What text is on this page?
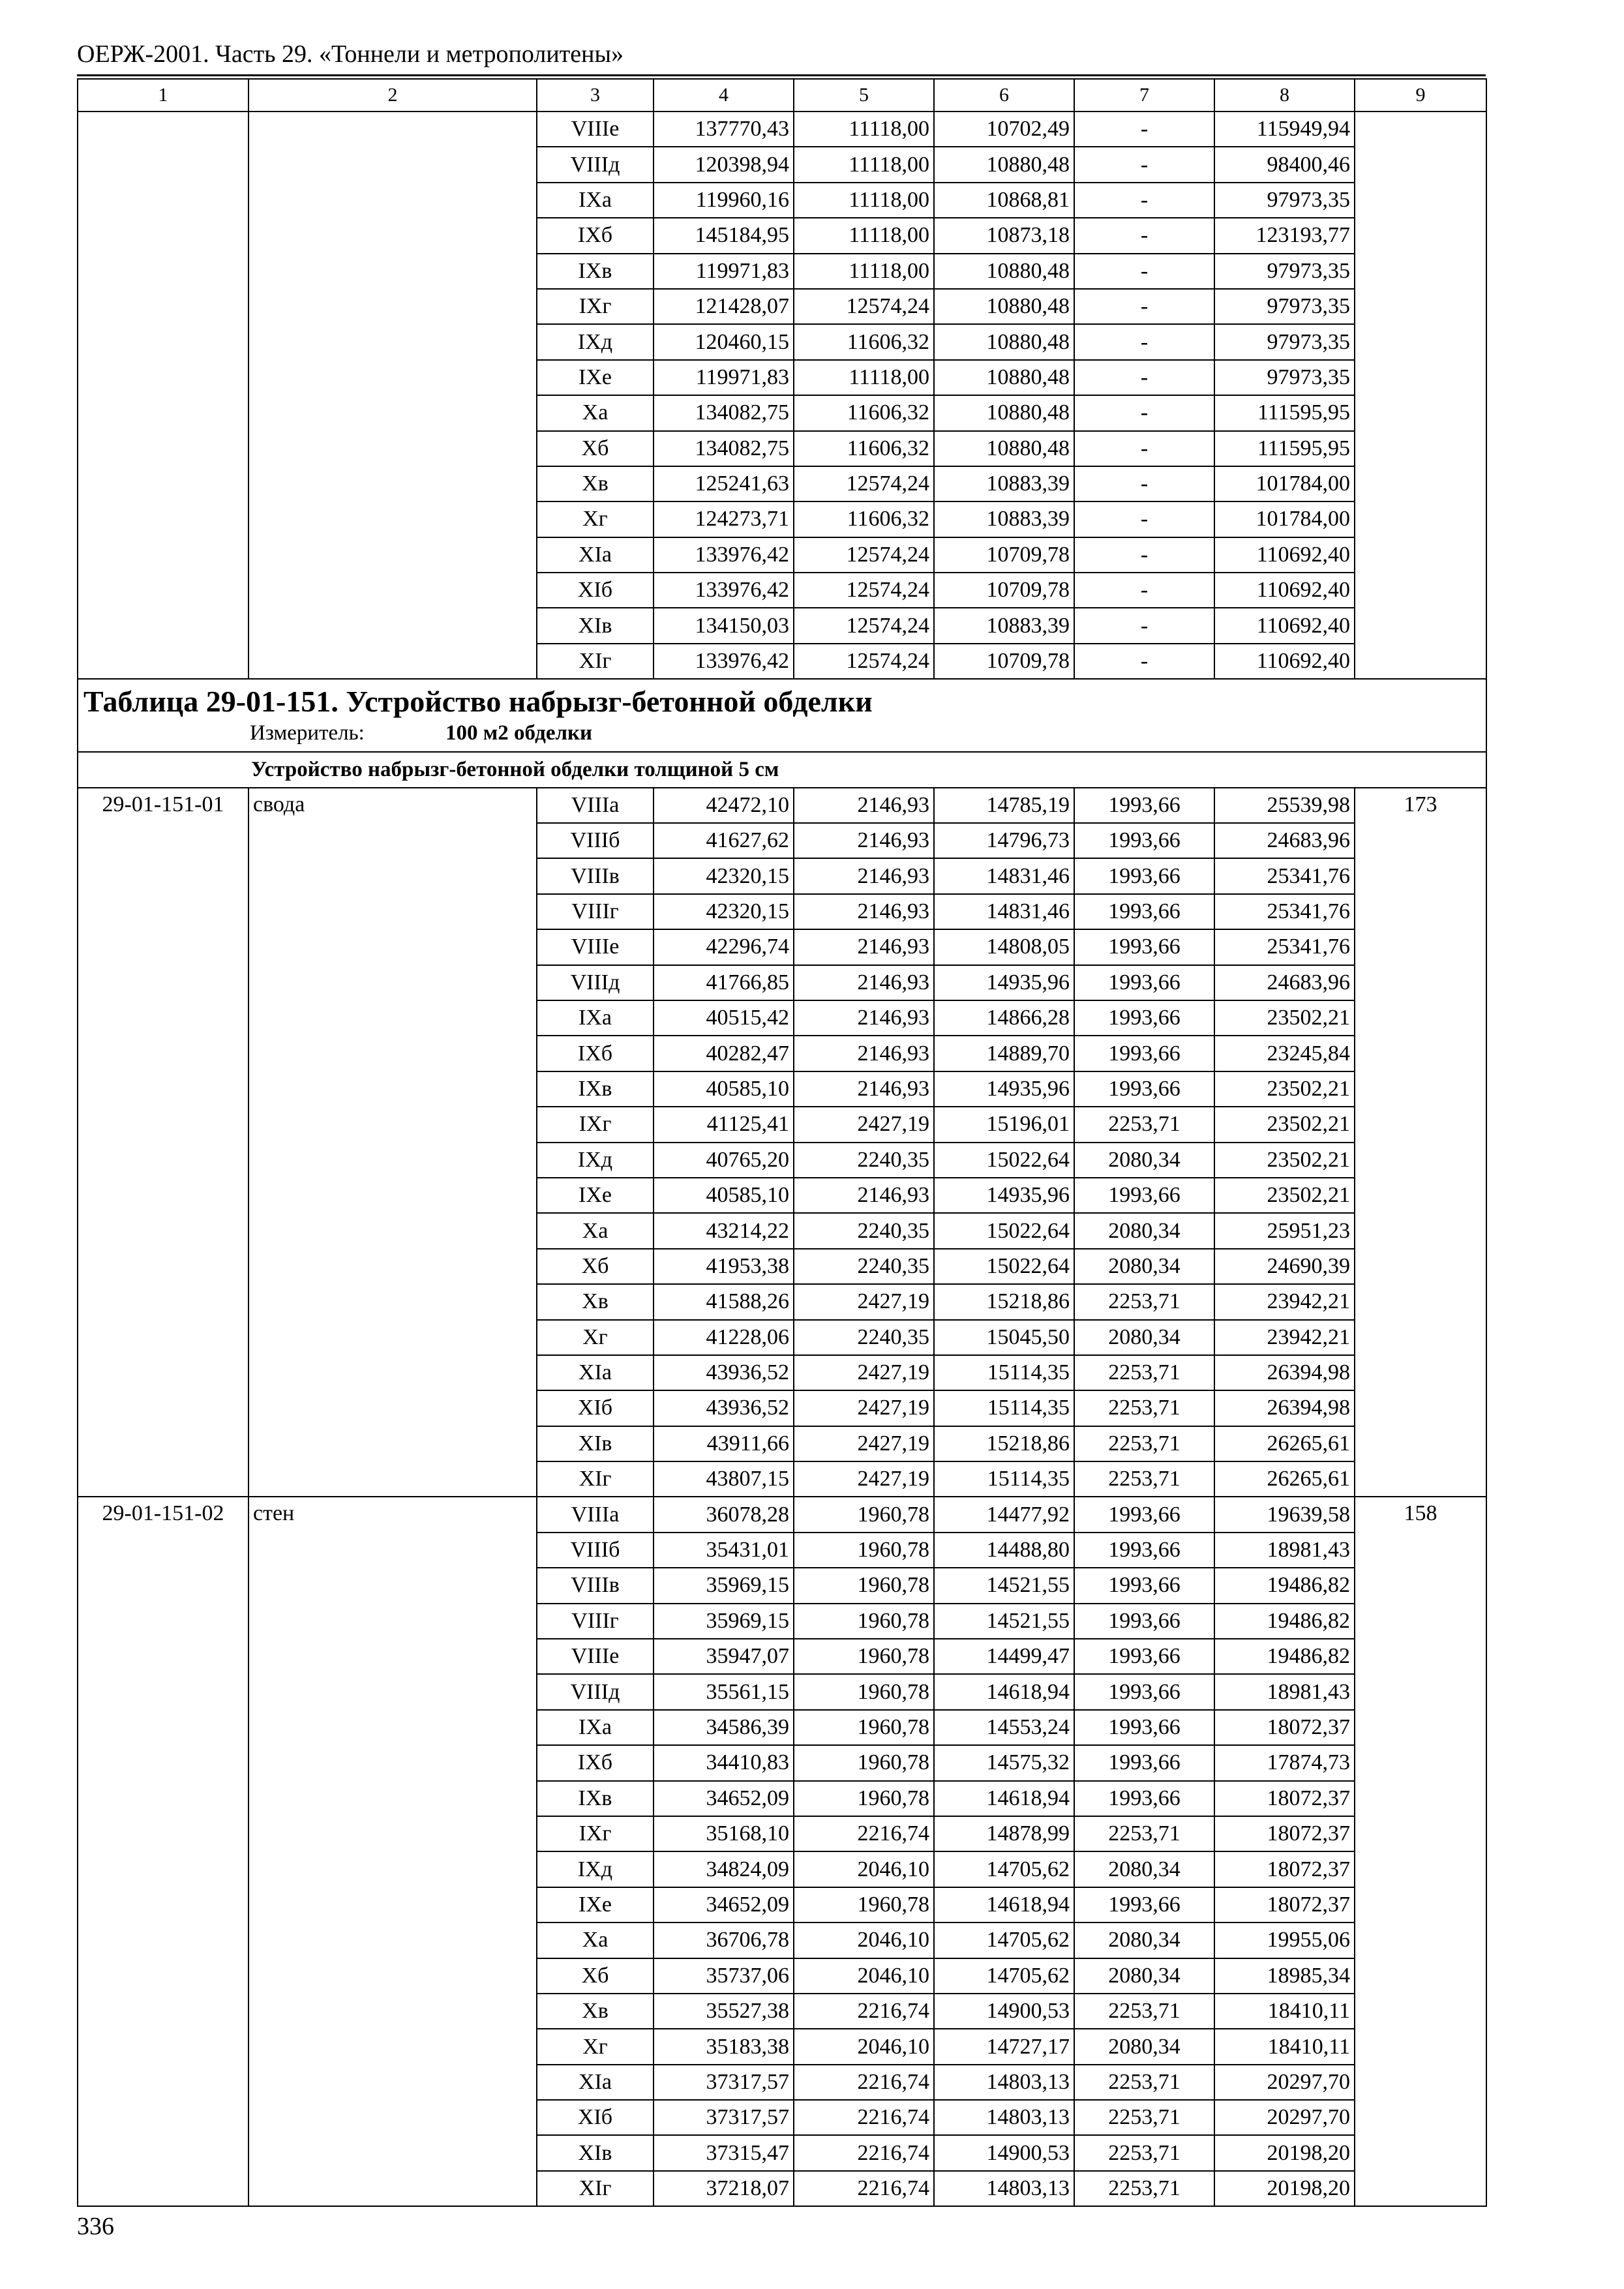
ОЕРЖ-2001. Часть 29. «Тоннели и метрополитены»
1	2	3	4	5	6	7	8	9
		VIIIе	137770,43	11118,00	10702,49	-	115949,94	
		VIIIд	120398,94	11118,00	10880,48	-	98400,46	
		IXа	119960,16	11118,00	10868,81	-	97973,35	
		IXб	145184,95	11118,00	10873,18	-	123193,77	
		IXв	119971,83	11118,00	10880,48	-	97973,35	
		IXг	121428,07	12574,24	10880,48	-	97973,35	
		IXд	120460,15	11606,32	10880,48	-	97973,35	
		IXе	119971,83	11118,00	10880,48	-	97973,35	
		Xа	134082,75	11606,32	10880,48	-	111595,95	
		Xб	134082,75	11606,32	10880,48	-	111595,95	
		Xв	125241,63	12574,24	10883,39	-	101784,00	
		Xг	124273,71	11606,32	10883,39	-	101784,00	
		XIа	133976,42	12574,24	10709,78	-	110692,40	
		XIб	133976,42	12574,24	10709,78	-	110692,40	
		XIв	134150,03	12574,24	10883,39	-	110692,40	
		XIг	133976,42	12574,24	10709,78	-	110692,40	

Таблица 29-01-151. Устройство набрызг-бетонной обделки
Измеритель: 100 м2 обделки								

Устройство набрызг-бетонной обделки толщиной 5 см								
29-01-151-01	свода	VIIIа	42472,10	2146,93	14785,19	1993,66	25539,98	173
		VIIIб	41627,62	2146,93	14796,73	1993,66	24683,96	
		VIIIв	42320,15	2146,93	14831,46	1993,66	25341,76	
		VIIIг	42320,15	2146,93	14831,46	1993,66	25341,76	
		VIIIе	42296,74	2146,93	14808,05	1993,66	25341,76	
		VIIIд	41766,85	2146,93	14935,96	1993,66	24683,96	
		IXа	40515,42	2146,93	14866,28	1993,66	23502,21	
		IXб	40282,47	2146,93	14889,70	1993,66	23245,84	
		IXв	40585,10	2146,93	14935,96	1993,66	23502,21	
		IXг	41125,41	2427,19	15196,01	2253,71	23502,21	
		IXд	40765,20	2240,35	15022,64	2080,34	23502,21	
		IXе	40585,10	2146,93	14935,96	1993,66	23502,21	
		Xа	43214,22	2240,35	15022,64	2080,34	25951,23	
		Xб	41953,38	2240,35	15022,64	2080,34	24690,39	
		Xв	41588,26	2427,19	15218,86	2253,71	23942,21	
		Xг	41228,06	2240,35	15045,50	2080,34	23942,21	
		XIа	43936,52	2427,19	15114,35	2253,71	26394,98	
		XIб	43936,52	2427,19	15114,35	2253,71	26394,98	
		XIв	43911,66	2427,19	15218,86	2253,71	26265,61	
		XIг	43807,15	2427,19	15114,35	2253,71	26265,61	
29-01-151-02	стен	VIIIа	36078,28	1960,78	14477,92	1993,66	19639,58	158
		VIIIб	35431,01	1960,78	14488,80	1993,66	18981,43	
		VIIIв	35969,15	1960,78	14521,55	1993,66	19486,82	
		VIIIг	35969,15	1960,78	14521,55	1993,66	19486,82	
		VIIIе	35947,07	1960,78	14499,47	1993,66	19486,82	
		VIIIд	35561,15	1960,78	14618,94	1993,66	18981,43	
		IXа	34586,39	1960,78	14553,24	1993,66	18072,37	
		IXб	34410,83	1960,78	14575,32	1993,66	17874,73	
		IXв	34652,09	1960,78	14618,94	1993,66	18072,37	
		IXг	35168,10	2216,74	14878,99	2253,71	18072,37	
		IXд	34824,09	2046,10	14705,62	2080,34	18072,37	
		IXе	34652,09	1960,78	14618,94	1993,66	18072,37	
		Xа	36706,78	2046,10	14705,62	2080,34	19955,06	
		Xб	35737,06	2046,10	14705,62	2080,34	18985,34	
		Xв	35527,38	2216,74	14900,53	2253,71	18410,11	
		Xг	35183,38	2046,10	14727,17	2080,34	18410,11	
		XIа	37317,57	2216,74	14803,13	2253,71	20297,70	
		XIб	37317,57	2216,74	14803,13	2253,71	20297,70	
		XIв	37315,47	2216,74	14900,53	2253,71	20198,20	
		XIг	37218,07	2216,74	14803,13	2253,71	20198,20	
336
